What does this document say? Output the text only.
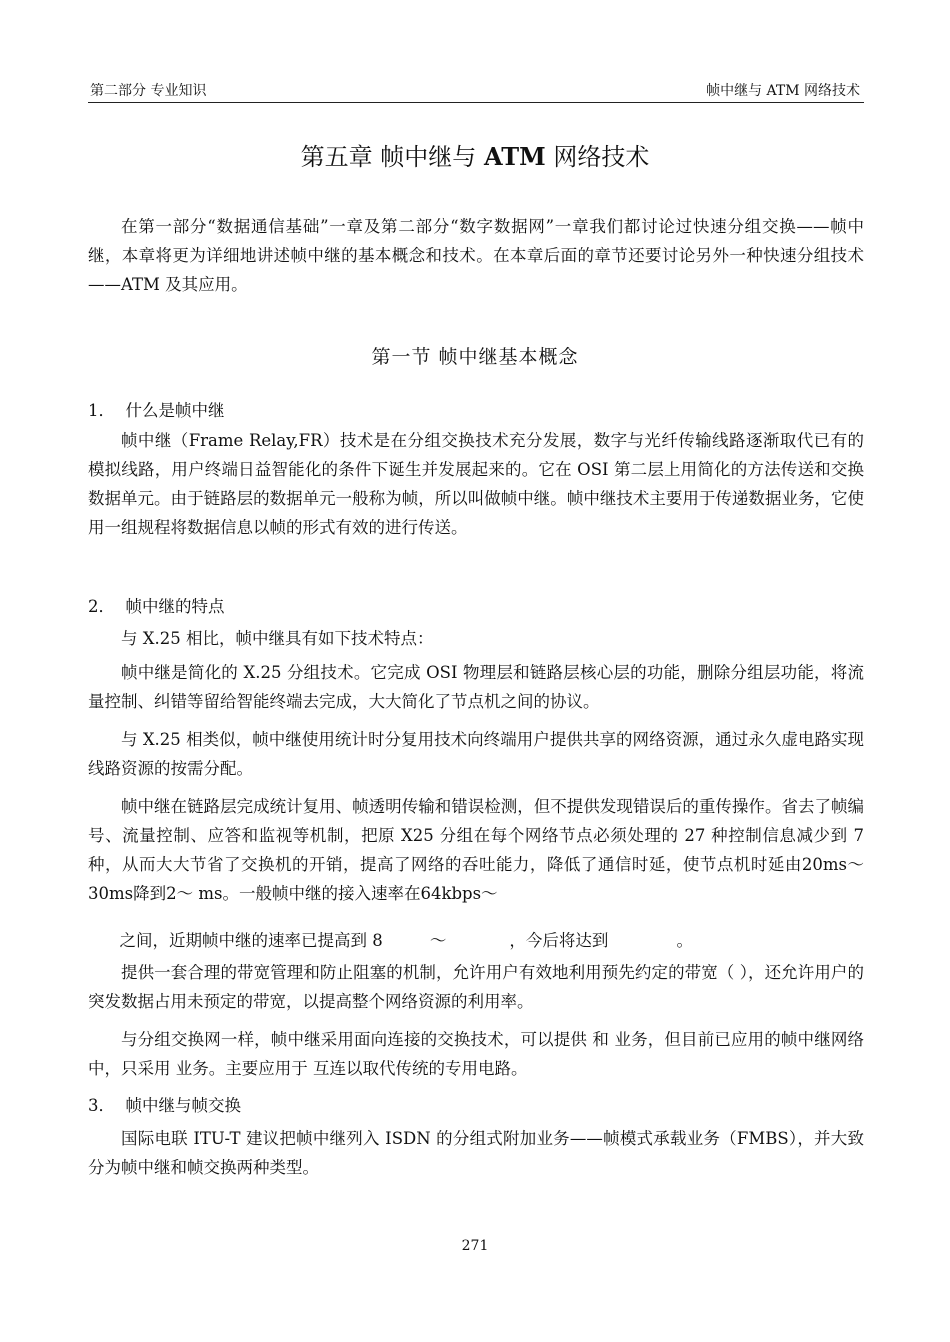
第二部分 专业知识	帧中继与 ATM 网络技术
第五章 帧中继与 ATM 网络技术

在第一部分“数据通信基础”一章及第二部分“数字数据网”一章我们都讨论过快速分组交换——帧中继，本章将更为详细地讲述帧中继的基本概念和技术。在本章后面的章节还要讨论另外一种快速分组技术——ATM 及其应用。

第一节 帧中继基本概念
1．  什么是帧中继

帧中继（Frame Relay,FR）技术是在分组交换技术充分发展，数字与光纤传输线路逐渐取代已有的模拟线路，用户终端日益智能化的条件下诞生并发展起来的。它在 OSI 第二层上用简化的方法传送和交换数据单元。由于链路层的数据单元一般称为帧，所以叫做帧中继。帧中继技术主要用于传递数据业务，它使用一组规程将数据信息以帧的形式有效的进行传送。

2．  帧中继的特点

与 X.25 相比，帧中继具有如下技术特点：

帧中继是简化的 X.25 分组技术。它完成 OSI 物理层和链路层核心层的功能，删除分组层功能，将流量控制、纠错等留给智能终端去完成，大大简化了节点机之间的协议。

与 X.25 相类似，帧中继使用统计时分复用技术向终端用户提供共享的网络资源，通过永久虚电路实现线路资源的按需分配。

帧中继在链路层完成统计复用、帧透明传输和错误检测，但不提供发现错误后的重传操作。省去了帧编号、流量控制、应答和监视等机制，把原 X25 分组在每个网络节点必须处理的 27 种控制信息减少到 7 种，从而大大节省了交换机的开销，提高了网络的吞吐能力，降低了通信时延，使节点机时延由20ms～30ms降到2～ ms。一般帧中继的接入速率在64kbps～

之间，近期帧中继的速率已提高到 8         ～            ，今后将达到             。

提供一套合理的带宽管理和防止阻塞的机制，允许用户有效地利用预先约定的带宽（ ），还允许用户的突发数据占用未预定的带宽，以提高整个网络资源的利用率。

与分组交换网一样，帧中继采用面向连接的交换技术，可以提供 和 业务，但目前已应用的帧中继网络中，只采用 业务。主要应用于 互连以取代传统的专用电路。

3．  帧中继与帧交换

国际电联 ITU-T 建议把帧中继列入 ISDN 的分组式附加业务——帧模式承载业务（FMBS），并大致分为帧中继和帧交换两种类型。

271
